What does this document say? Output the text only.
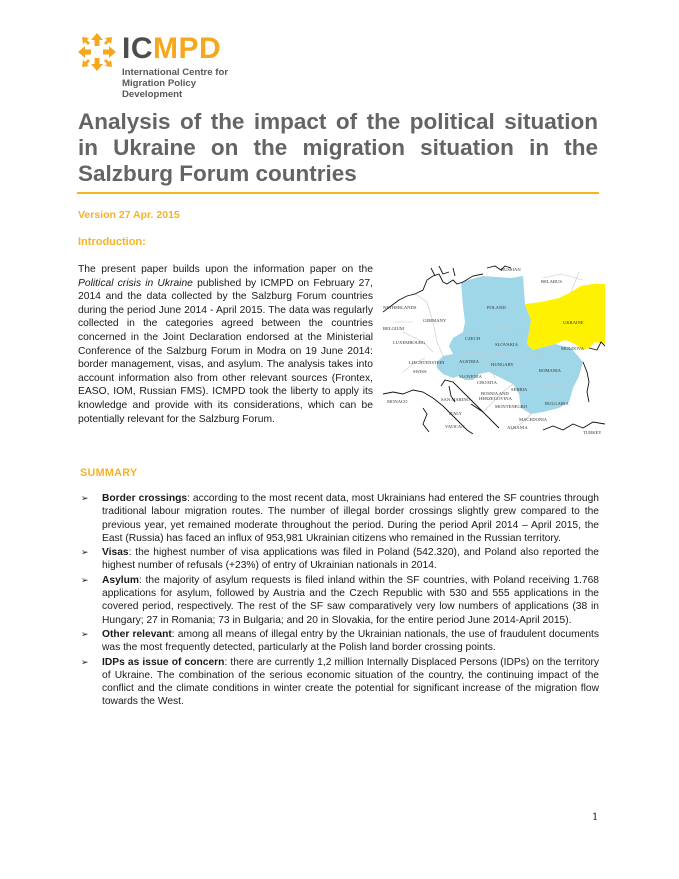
ICMPD
International Centre for
Migration Policy Development
Analysis of the impact of the political situation in Ukraine on the migration situation in the Salzburg Forum countries
Version 27 Apr. 2015
Introduction:
The present paper builds upon the information paper on the Political crisis in Ukraine published by ICMPD on February 27, 2014 and the data collected by the Salzburg Forum countries during the period June 2014 - April 2015. The data was regularly collected in the categories agreed between the countries concerned in the Joint Declaration endorsed at the Ministerial Conference of the Salzburg Forum in Modra on 19 June 2014: border management, visas, and asylum. The analysis takes into account information also from other relevant sources (Frontex, EASO, IOM, Russian FMS). ICMPD took the liberty to apply its knowledge and provide with its considerations, which can be potentially relevant for the Salzburg Forum.
RUSSIAN
BELARUS
NETHERLANDS	POLAND
GERMANY
BELGIUM
UKRAINE
LUXEMBOURG
CZECH
SLOVAKIA
MOLDOVA
LIECHTENSTEIN	AUSTRIA
HUNGARY
SWISS	ROMANIA
SLOVENIA
CROATIA
SERBIA
BOSNIA AND
HERZEGOVINA
MONACO	SAN MARINO
MONTENEGRO
BULGARIA
ITALY
MACEDONIA
VATICAN	ALBANIA
TURKEY
SUMMARY
➢ Border crossings: according to the most recent data, most Ukrainians had entered the SF countries through traditional labour migration routes. The number of illegal border crossings slightly grew compared to the previous year, yet remained moderate throughout the period. During the period April 2014 – April 2015, the East (Russia) has faced an influx of 953,981 Ukrainian citizens who remained in the Russian territory.
➢ Visas: the highest number of visa applications was filed in Poland (542.320), and Poland also reported the highest number of refusals (+23%) of entry of Ukrainian nationals in 2014.
➢ Asylum: the majority of asylum requests is filed inland within the SF countries, with Poland receiving 1.768 applications for asylum, followed by Austria and the Czech Republic with 530 and 555 applications in the covered period, respectively. The rest of the SF saw comparatively very low numbers of applications (38 in Hungary; 27 in Romania; 73 in Bulgaria; and 20 in Slovakia, for the entire period June 2014-April 2015).
➢ Other relevant: among all means of illegal entry by the Ukrainian nationals, the use of fraudulent documents was the most frequently detected, particularly at the Polish land border crossing points.
➢ IDPs as issue of concern: there are currently 1,2 million Internally Displaced Persons (IDPs) on the territory of Ukraine. The combination of the serious economic situation of the country, the continuing impact of the conflict and the climate conditions in winter create the potential for significant increase of the migration flow towards the West.
1
